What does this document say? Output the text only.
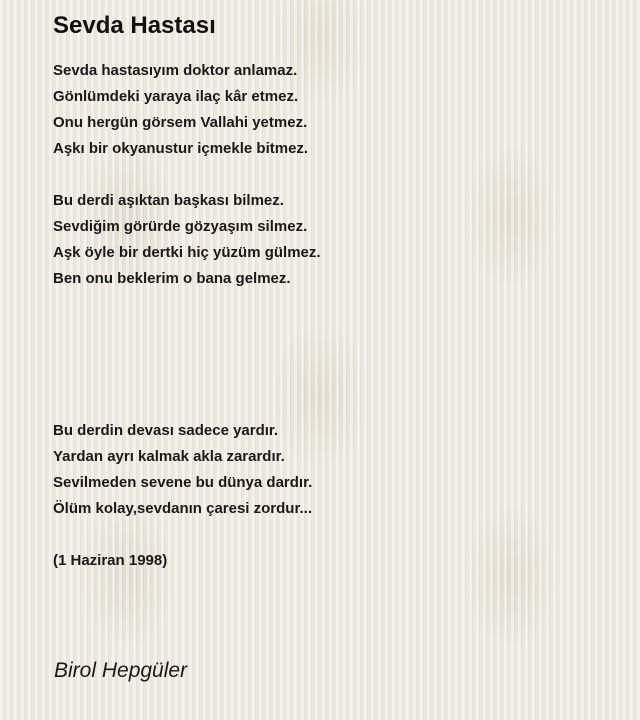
Sevda Hastası
Sevda hastasıyım doktor anlamaz.
Gönlümdeki yaraya ilaç kâr etmez.
Onu hergün görsem Vallahi yetmez.
Aşkı bir okyanustur içmekle bitmez.
Bu derdi aşıktan başkası bilmez.
Sevdiğim görürde gözyaşım silmez.
Aşk öyle bir dertki hiç yüzüm gülmez.
Ben onu beklerim o bana gelmez.
Bu derdin devası sadece yardır.
Yardan ayrı kalmak akla zarardır.
Sevilmeden sevene bu dünya dardır.
Ölüm kolay,sevdanın çaresi zordur...
(1 Haziran 1998)
Birol Hepgüler
